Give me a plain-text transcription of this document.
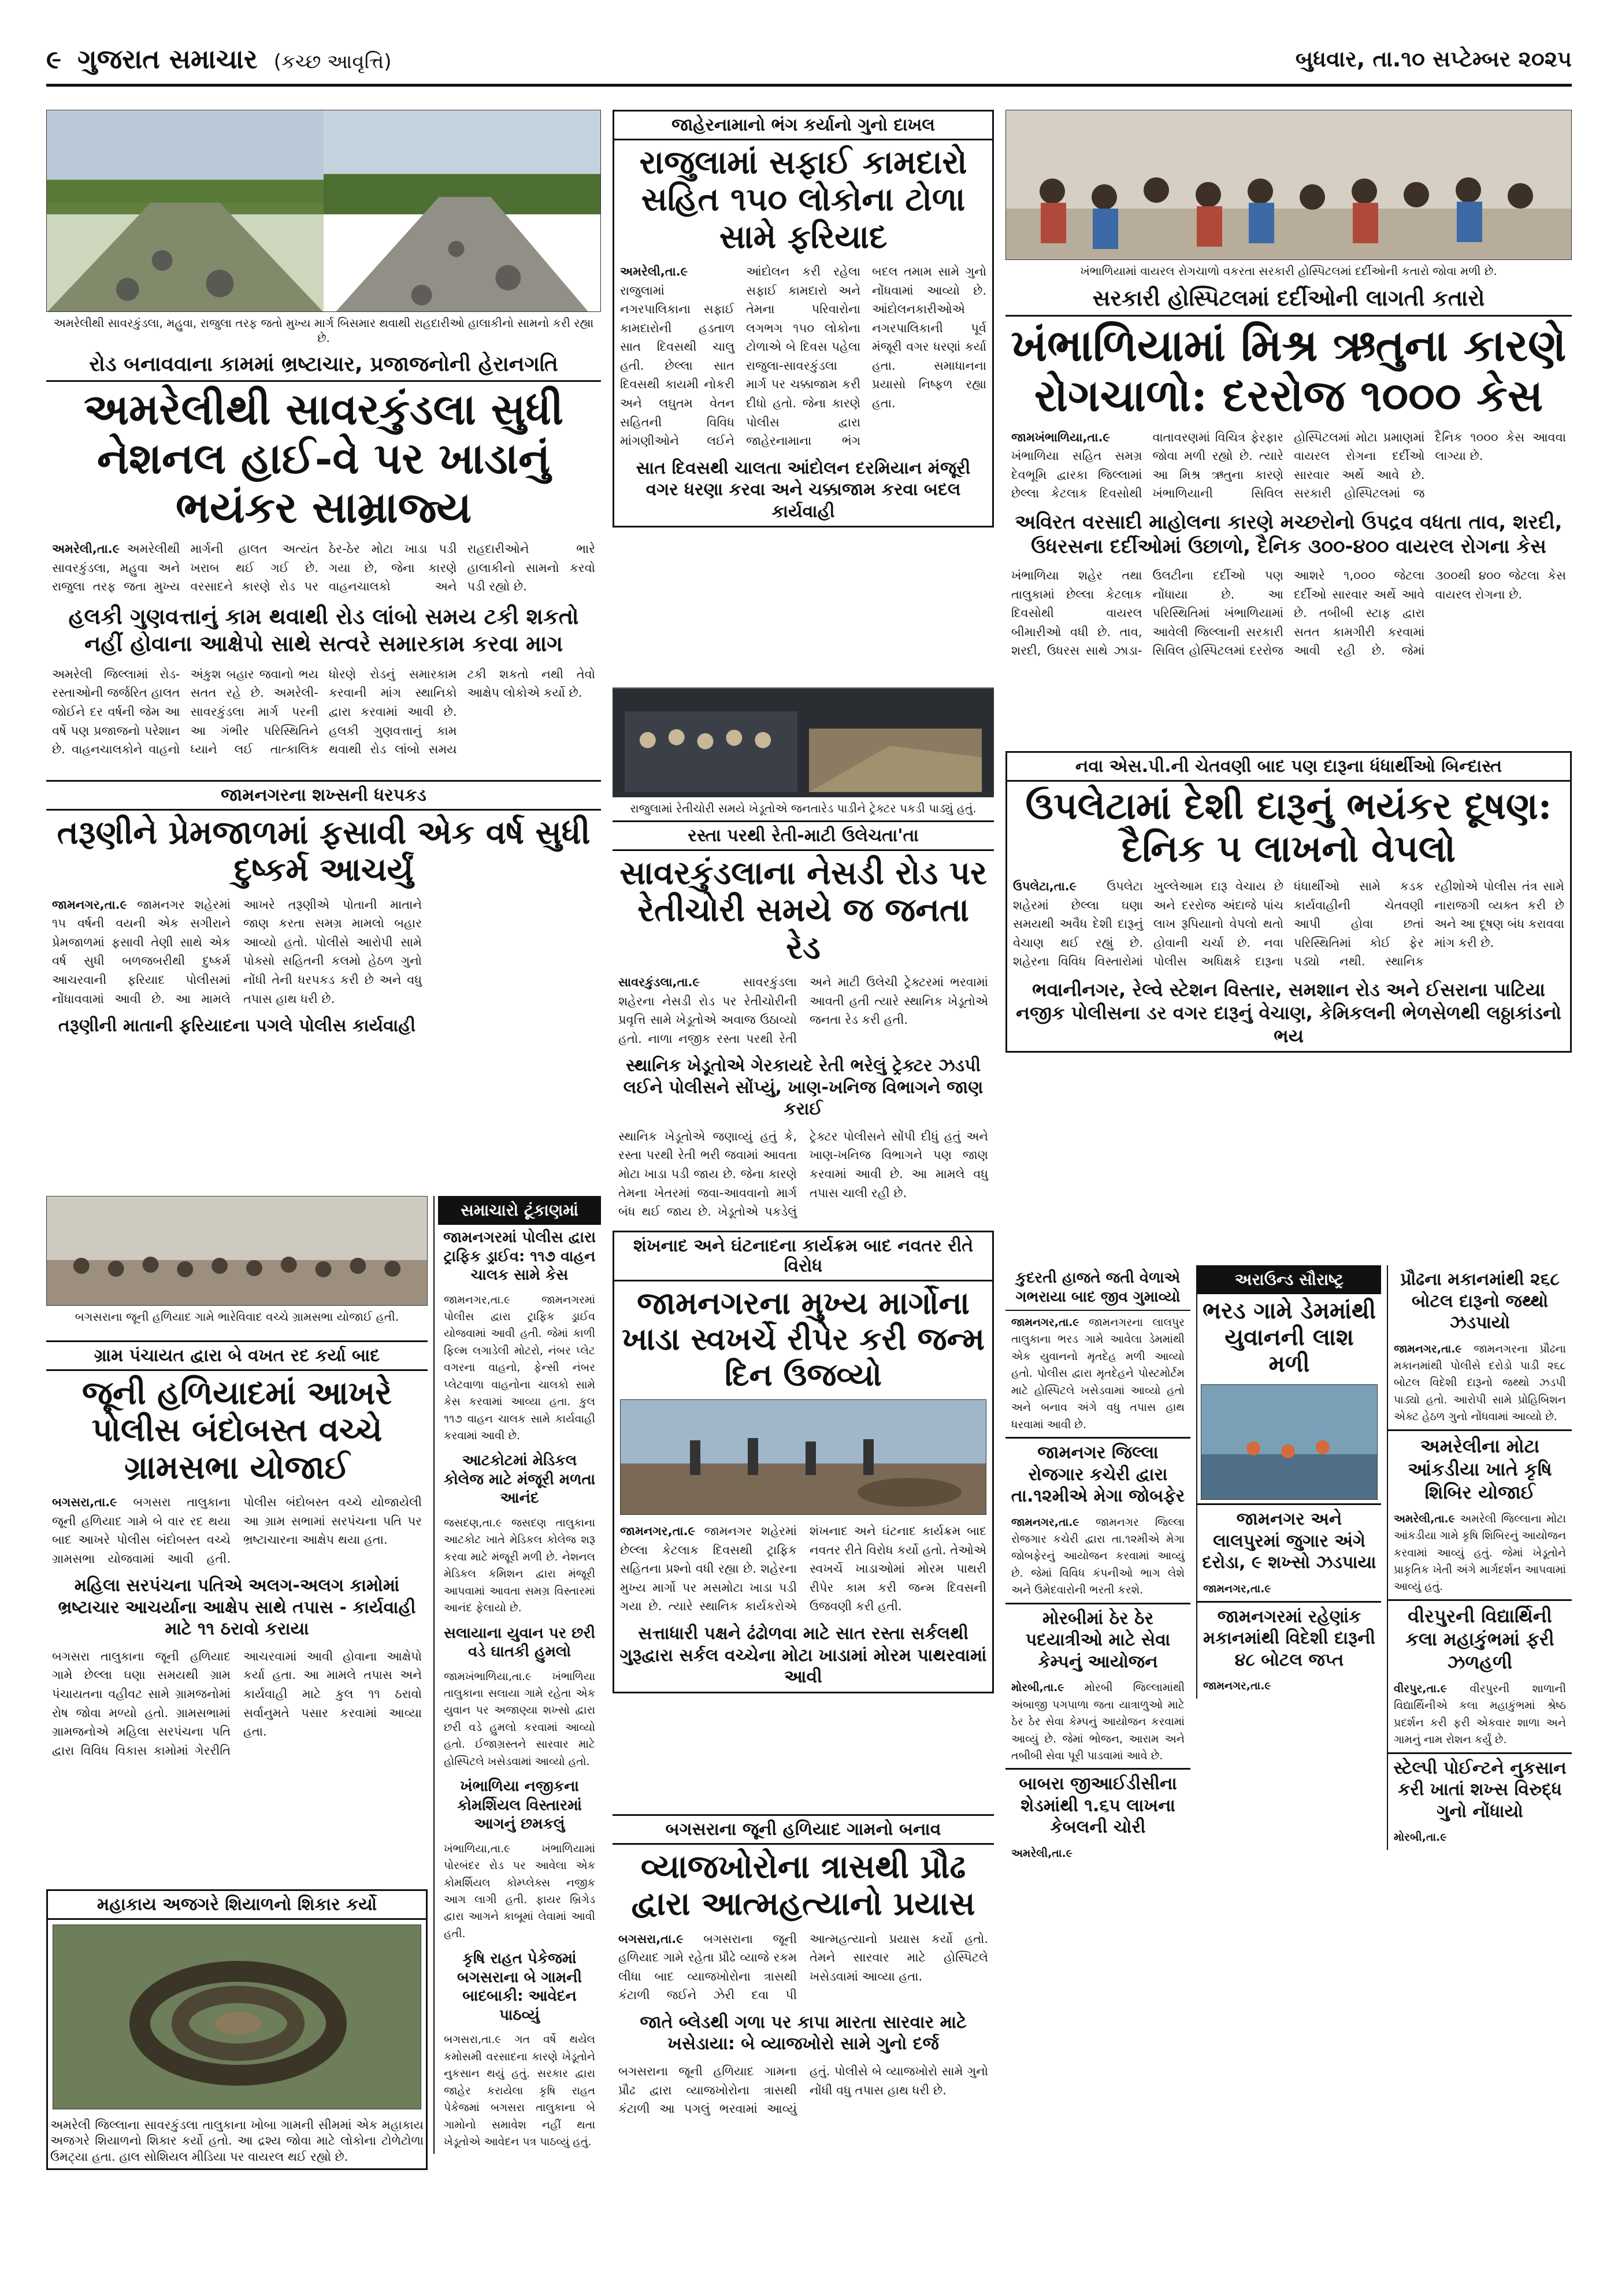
૯ ગુજરાત સમાચાર (કચ્છ આવૃત્તિ)	બુધવાર, તા.૧૦ સપ્ટેમ્બર ૨૦૨૫
અમરેલીથી સાવરકુંડલા, મહુવા, રાજુલા તરફ જતો મુખ્ય માર્ગ બિસમાર થવાથી રાહદારીઓ હાલાકીનો સામનો કરી રહ્યા છે.
રોડ બનાવવાના કામમાં ભ્રષ્ટાચાર, પ્રજાજનોની હેરાનગતિ
અમરેલીથી સાવરકુંડલા સુધી નેશનલ હાઈ-વે પર ખાડાનું ભયંકર સામ્રાજ્ય
અમરેલી,તા.૯ અમરેલીથી સાવરકુંડલા, મહુવા અને રાજુલા તરફ જતા મુખ્ય માર્ગની હાલત અત્યંત ખરાબ થઈ ગઈ છે. વરસાદને કારણે રોડ પર ઠેર-ઠેર મોટા ખાડા પડી ગયા છે, જેના કારણે વાહનચાલકો અને રાહદારીઓને ભારે હાલાકીનો સામનો કરવો પડી રહ્યો છે.
હલકી ગુણવત્તાનું કામ થવાથી રોડ લાંબો સમય ટકી શકતો નહીં હોવાના આક્ષેપો સાથે સત્વરે સમારકામ કરવા માગ
અમરેલી જિલ્લામાં રોડ-રસ્તાઓની જર્જરિત હાલત જોઈને દર વર્ષની જેમ આ વર્ષે પણ પ્રજાજનો પરેશાન છે. વાહનચાલકોને વાહનો અંકુશ બહાર જવાનો ભય સતત રહે છે. અમરેલી-સાવરકુંડલા માર્ગ પરની આ ગંભીર પરિસ્થિતિને ધ્યાને લઈ તાત્કાલિક ધોરણે રોડનું સમારકામ કરવાની માંગ સ્થાનિકો દ્વારા કરવામાં આવી છે. હલકી ગુણવત્તાનું કામ થવાથી રોડ લાંબો સમય ટકી શકતો નથી તેવો આક્ષેપ લોકોએ કર્યો છે.
જામનગરના શખ્સની ધરપકડ
તરૂણીને પ્રેમજાળમાં ફસાવી એક વર્ષ સુધી દુષ્કર્મ આચર્યું
જામનગર,તા.૯ જામનગર શહેરમાં ૧૫ વર્ષની વયની એક સગીરાને પ્રેમજાળમાં ફસાવી તેણી સાથે એક વર્ષ સુધી બળજબરીથી દુષ્કર્મ આચરવાની ફરિયાદ પોલીસમાં નોંધાવવામાં આવી છે. આ મામલે આખરે તરૂણીએ પોતાની માતાને જાણ કરતા સમગ્ર મામલો બહાર આવ્યો હતો. પોલીસે આરોપી સામે પોક્સો સહિતની કલમો હેઠળ ગુનો નોંધી તેની ધરપકડ કરી છે અને વધુ તપાસ હાથ ધરી છે.
તરૂણીની માતાની ફરિયાદના પગલે પોલીસ કાર્યવાહી
બગસરાના જૂની હળિયાદ ગામે ભારેવિવાદ વચ્ચે ગ્રામસભા યોજાઈ હતી.
ગ્રામ પંચાયત દ્વારા બે વખત રદ કર્યા બાદ
જૂની હળિયાદમાં આખરે પોલીસ બંદોબસ્ત વચ્ચે ગ્રામસભા યોજાઈ
બગસરા,તા.૯ બગસરા તાલુકાના જૂની હળિયાદ ગામે બે વાર રદ થયા બાદ આખરે પોલીસ બંદોબસ્ત વચ્ચે ગ્રામસભા યોજવામાં આવી હતી. પોલીસ બંદોબસ્ત વચ્ચે યોજાયેલી આ ગ્રામ સભામાં સરપંચના પતિ પર ભ્રષ્ટાચારના આક્ષેપ થયા હતા.
મહિલા સરપંચના પતિએ અલગ-અલગ કામોમાં ભ્રષ્ટાચાર આચર્યાના આક્ષેપ સાથે તપાસ - કાર્યવાહી માટે ૧૧ ઠરાવો કરાયા
બગસરા તાલુકાના જૂની હળિયાદ ગામે છેલ્લા ઘણા સમયથી ગ્રામ પંચાયતના વહીવટ સામે ગ્રામજનોમાં રોષ જોવા મળ્યો હતો. ગ્રામસભામાં ગ્રામજનોએ મહિલા સરપંચના પતિ દ્વારા વિવિધ વિકાસ કામોમાં ગેરરીતિ આચરવામાં આવી હોવાના આક્ષેપો કર્યા હતા. આ મામલે તપાસ અને કાર્યવાહી માટે કુલ ૧૧ ઠરાવો સર્વાનુમતે પસાર કરવામાં આવ્યા હતા.
મહાકાય અજગરે શિયાળનો શિકાર કર્યો
અમરેલી જિલ્લાના સાવરકુંડલા તાલુકાના ખોબા ગામની સીમમાં એક મહાકાય અજગરે શિયાળનો શિકાર કર્યો હતો. આ દ્રશ્ય જોવા માટે લોકોના ટોળેટોળા ઉમટ્યા હતા. હાલ સોશિયલ મીડિયા પર વાયરલ થઈ રહ્યો છે.
સમાચારો ટૂંકાણમાં
જામનગરમાં પોલીસ દ્વારા ટ્રાફિક ડ્રાઈવ: ૧૧૭ વાહન ચાલક સામે કેસ
જામનગર,તા.૯ જામનગરમાં પોલીસ દ્વારા ટ્રાફિક ડ્રાઈવ યોજવામાં આવી હતી. જેમાં કાળી ફિલ્મ લગાડેલી મોટરો, નંબર પ્લેટ વગરના વાહનો, ફેન્સી નંબર પ્લેટવાળા વાહનોના ચાલકો સામે કેસ કરવામાં આવ્યા હતા. કુલ ૧૧૭ વાહન ચાલક સામે કાર્યવાહી કરવામાં આવી છે.
આટકોટમાં મેડિકલ કોલેજ માટે મંજૂરી મળતા આનંદ
જસદણ,તા.૯ જસદણ તાલુકાના આટકોટ ખાતે મેડિકલ કોલેજ શરૂ કરવા માટે મંજૂરી મળી છે. નેશનલ મેડિકલ કમિશન દ્વારા મંજૂરી આપવામાં આવતા સમગ્ર વિસ્તારમાં આનંદ ફેલાયો છે.
સલાયાના યુવાન પર છરી વડે ઘાતકી હુમલો
જામખંભાળિયા,તા.૯ ખંભાળિયા તાલુકાના સલાયા ગામે રહેતા એક યુવાન પર અજાણ્યા શખ્સો દ્વારા છરી વડે હુમલો કરવામાં આવ્યો હતો. ઈજાગ્રસ્તને સારવાર માટે હોસ્પિટલે ખસેડવામાં આવ્યો હતો.
ખંભાળિયા નજીકના કોમર્શિયલ વિસ્તારમાં આગનું છમકલું
ખંભાળિયા,તા.૯ ખંભાળિયામાં પોરબંદર રોડ પર આવેલા એક કોમર્શિયલ કોમ્પ્લેક્સ નજીક આગ લાગી હતી. ફાયર બ્રિગેડ દ્વારા આગને કાબૂમાં લેવામાં આવી હતી.
કૃષિ રાહત પેકેજમાં બગસરાના બે ગામની બાદબાકી: આવેદન પાઠવ્યું
બગસરા,તા.૯ ગત વર્ષે થયેલ કમોસમી વરસાદના કારણે ખેડૂતોને નુકસાન થયું હતું. સરકાર દ્વારા જાહેર કરાયેલા કૃષિ રાહત પેકેજમાં બગસરા તાલુકાના બે ગામોનો સમાવેશ નહીં થતા ખેડૂતોએ આવેદન પત્ર પાઠવ્યું હતું.
જાહેરનામાનો ભંગ કર્યાનો ગુનો દાખલ
રાજુલામાં સફાઈ કામદારો સહિત ૧૫૦ લોકોના ટોળા સામે ફરિયાદ
અમરેલી,તા.૯ રાજુલામાં નગરપાલિકાના સફાઈ કામદારોની હડતાળ સાત દિવસથી ચાલુ હતી. છેલ્લા સાત દિવસથી કાયમી નોકરી અને લઘુતમ વેતન સહિતની વિવિધ માંગણીઓને લઈને આંદોલન કરી રહેલા સફાઈ કામદારો અને તેમના પરિવારોના લગભગ ૧૫૦ લોકોના ટોળાએ બે દિવસ પહેલા રાજુલા-સાવરકુંડલા માર્ગ પર ચક્કાજામ કરી દીધો હતો. જેના કારણે પોલીસ દ્વારા જાહેરનામાના ભંગ બદલ તમામ સામે ગુનો નોંધવામાં આવ્યો છે. આંદોલનકારીઓએ નગરપાલિકાની પૂર્વ મંજૂરી વગર ધરણાં કર્યા હતા. સમાધાનના પ્રયાસો નિષ્ફળ રહ્યા હતા.
સાત દિવસથી ચાલતા આંદોલન દરમિયાન મંજૂરી વગર ધરણા કરવા અને ચક્કાજામ કરવા બદલ કાર્યવાહી
રાજુલામાં રેતીચોરી સમયે ખેડૂતોએ જનતારેડ પાડીને ટ્રેક્ટર પકડી પાડ્યું હતું.
રસ્તા પરથી રેતી-માટી ઉલેચતા'તા
સાવરકુંડલાના નેસડી રોડ પર રેતીચોરી સમયે જ જનતા રેડ
સાવરકુંડલા,તા.૯	સાવરકુંડલા શહેરના નેસડી રોડ પર રેતીચોરીની પ્રવૃત્તિ સામે ખેડૂતોએ અવાજ ઉઠાવ્યો હતો. નાળા નજીક રસ્તા પરથી રેતી અને માટી ઉલેચી ટ્રેક્ટરમાં ભરવામાં આવતી હતી ત્યારે સ્થાનિક ખેડૂતોએ જનતા રેડ કરી હતી.
સ્થાનિક ખેડૂતોએ ગેરકાયદે રેતી ભરેલું ટ્રેક્ટર ઝડપી લઈને પોલીસને સોંપ્યું, ખાણ-ખનિજ વિભાગને જાણ કરાઈ
સ્થાનિક ખેડૂતોએ જણાવ્યું હતું કે, રસ્તા પરથી રેતી ભરી જવામાં આવતા મોટા ખાડા પડી જાય છે. જેના કારણે તેમના ખેતરમાં જવા-આવવાનો માર્ગ બંધ થઈ જાય છે. ખેડૂતોએ પકડેલું ટ્રેક્ટર પોલીસને સોંપી દીધું હતું અને ખાણ-ખનિજ વિભાગને પણ જાણ કરવામાં આવી છે. આ મામલે વધુ તપાસ ચાલી રહી છે.
શંખનાદ અને ઘંટનાદના કાર્યક્રમ બાદ નવતર રીતે વિરોધ
જામનગરના મુખ્ય માર્ગોના ખાડા સ્વખર્ચે રીપેર કરી જન્મ દિન ઉજવ્યો
જામનગર,તા.૯ જામનગર શહેરમાં છેલ્લા કેટલાક દિવસથી ટ્રાફિક સહિતના પ્રશ્નો વધી રહ્યા છે. શહેરના મુખ્ય માર્ગો પર મસમોટા ખાડા પડી ગયા છે. ત્યારે સ્થાનિક કાર્યકરોએ શંખનાદ અને ઘંટનાદ કાર્યક્રમ બાદ નવતર રીતે વિરોધ કર્યો હતો. તેઓએ સ્વખર્ચે ખાડાઓમાં મોરમ પાથરી રીપેર કામ કરી જન્મ દિવસની ઉજવણી કરી હતી.
સત્તાધારી પક્ષને ઢંઢોળવા માટે સાત રસ્તા સર્કલથી ગુરૂદ્વારા સર્કલ વચ્ચેના મોટા ખાડામાં મોરમ પાથરવામાં આવી
બગસરાના જૂની હળિયાદ ગામનો બનાવ
વ્યાજખોરોના ત્રાસથી પ્રૌઢ દ્વારા આત્મહત્યાનો પ્રયાસ
બગસરા,તા.૯ બગસરાના જૂની હળિયાદ ગામે રહેતા પ્રૌઢે વ્યાજે રકમ લીધા બાદ વ્યાજખોરોના ત્રાસથી કંટાળી જઈને ઝેરી દવા પી આત્મહત્યાનો પ્રયાસ કર્યો હતો. તેમને સારવાર માટે હોસ્પિટલે ખસેડવામાં આવ્યા હતા.
જાતે બ્લેડથી ગળા પર કાપા મારતા સારવાર માટે ખસેડાયા: બે વ્યાજખોરો સામે ગુનો દર્જ
બગસરાના જૂની હળિયાદ ગામના પ્રૌઢ દ્વારા વ્યાજખોરોના ત્રાસથી કંટાળી આ પગલું ભરવામાં આવ્યું હતું. પોલીસે બે વ્યાજખોરો સામે ગુનો નોંધી વધુ તપાસ હાથ ધરી છે.
ખંભાળિયામાં વાયરલ રોગચાળો વકરતા સરકારી હોસ્પિટલમાં દર્દીઓની કતારો જોવા મળી છે.
સરકારી હોસ્પિટલમાં દર્દીઓની લાગતી કતારો
ખંભાળિયામાં મિશ્ર ઋતુના કારણે રોગચાળો: દરરોજ ૧૦૦૦ કેસ
જામખંભાળિયા,તા.૯ ખંભાળિયા સહિત સમગ્ર દેવભૂમિ દ્વારકા જિલ્લામાં છેલ્લા કેટલાક દિવસોથી વાતાવરણમાં વિચિત્ર ફેરફાર જોવા મળી રહ્યો છે. ત્યારે આ મિશ્ર ઋતુના કારણે ખંભાળિયાની સિવિલ હોસ્પિટલમાં મોટા પ્રમાણમાં વાયરલ રોગના દર્દીઓ સારવાર અર્થે આવે છે. સરકારી હોસ્પિટલમાં જ દૈનિક ૧૦૦૦ કેસ આવવા લાગ્યા છે.
અવિરત વરસાદી માહોલના કારણે મચ્છરોનો ઉપદ્રવ વધતા તાવ, શરદી, ઉધરસના દર્દીઓમાં ઉછાળો, દૈનિક ૩૦૦-૪૦૦ વાયરલ રોગના કેસ
ખંભાળિયા શહેર તથા તાલુકામાં છેલ્લા કેટલાક દિવસોથી વાયરલ બીમારીઓ વધી છે. તાવ, શરદી, ઉધરસ સાથે ઝાડા-ઉલટીના દર્દીઓ પણ નોંધાયા છે. આ પરિસ્થિતિમાં ખંભાળિયામાં આવેલી જિલ્લાની સરકારી સિવિલ હોસ્પિટલમાં દરરોજ આશરે ૧,૦૦૦ જેટલા દર્દીઓ સારવાર અર્થે આવે છે. તબીબી સ્ટાફ દ્વારા સતત કામગીરી કરવામાં આવી રહી છે. જેમાં ૩૦૦થી ૪૦૦ જેટલા કેસ વાયરલ રોગના છે.
નવા એસ.પી.ની ચેતવણી બાદ પણ દારૂના ધંધાર્થીઓ બિન્દાસ્ત
ઉપલેટામાં દેશી દારૂનું ભયંકર દૂષણ: દૈનિક ૫ લાખનો વેપલો
ઉપલેટા,તા.૯ ઉપલેટા શહેરમાં છેલ્લા ઘણા સમયથી અવૈધ દેશી દારૂનું વેચાણ થઈ રહ્યું છે. શહેરના વિવિધ વિસ્તારોમાં ખુલ્લેઆમ દારૂ વેચાય છે અને દરરોજ અંદાજે પાંચ લાખ રૂપિયાનો વેપલો થતો હોવાની ચર્ચા છે. નવા પોલીસ અધિક્ષકે દારૂના ધંધાર્થીઓ સામે કડક કાર્યવાહીની ચેતવણી આપી હોવા છતાં પરિસ્થિતિમાં કોઈ ફેર પડ્યો નથી. સ્થાનિક રહીશોએ પોલીસ તંત્ર સામે નારાજગી વ્યક્ત કરી છે અને આ દૂષણ બંધ કરાવવા માંગ કરી છે.
ભવાનીનગર, રેલ્વે સ્ટેશન વિસ્તાર, સમશાન રોડ અને ઈસરાના પાટિયા નજીક પોલીસના ડર વગર દારૂનું વેચાણ, કેમિકલની ભેળસેળથી લઠ્ઠાકાંડનો ભય
કુદરતી હાજતે જતી વેળાએ ગભરાયા બાદ જીવ ગુમાવ્યો
જામનગર,તા.૯ જામનગરના લાલપુર તાલુકાના ભરડ ગામે આવેલા ડેમમાંથી એક યુવાનનો મૃતદેહ મળી આવ્યો હતો. પોલીસ દ્વારા મૃતદેહને પોસ્ટમોર્ટમ માટે હોસ્પિટલે ખસેડવામાં આવ્યો હતો અને બનાવ અંગે વધુ તપાસ હાથ ધરવામાં આવી છે.
જામનગર જિલ્લા રોજગાર કચેરી દ્વારા તા.૧૨મીએ મેગા જોબફેર
જામનગર,તા.૯ જામનગર જિલ્લા રોજગાર કચેરી દ્વારા તા.૧૨મીએ મેગા જોબફેરનું આયોજન કરવામાં આવ્યું છે. જેમાં વિવિધ કંપનીઓ ભાગ લેશે અને ઉમેદવારોની ભરતી કરશે.
મોરબીમાં ઠેર ઠેર પદયાત્રીઓ માટે સેવા કેમ્પનું આયોજન
મોરબી,તા.૯ મોરબી જિલ્લામાંથી અંબાજી પગપાળા જતા યાત્રાળુઓ માટે ઠેર ઠેર સેવા કેમ્પનું આયોજન કરવામાં આવ્યું છે. જેમાં ભોજન, આરામ અને તબીબી સેવા પૂરી પાડવામાં આવે છે.
બાબરા જીઆઈડીસીના શેડમાંથી ૧.૬૫ લાખના કેબલની ચોરી
અમરેલી,તા.૯
અરાઉન્ડ સૌરાષ્ટ્ર
ભરડ ગામે ડેમમાંથી યુવાનની લાશ મળી
જામનગર અને લાલપુરમાં જુગાર અંગે દરોડા, ૯ શખ્સો ઝડપાયા
જામનગર,તા.૯
જામનગરમાં રહેણાંક મકાનમાંથી વિદેશી દારૂની ૪૮ બોટલ જપ્ત
જામનગર,તા.૯
પ્રૌઢના મકાનમાંથી ૨૬૮ બોટલ દારૂનો જથ્થો ઝડપાયો
જામનગર,તા.૯ જામનગરના પ્રૌઢના મકાનમાંથી પોલીસે દરોડો પાડી ૨૬૮ બોટલ વિદેશી દારૂનો જથ્થો ઝડપી પાડ્યો હતો. આરોપી સામે પ્રોહિબિશન એક્ટ હેઠળ ગુનો નોંધવામાં આવ્યો છે.
અમરેલીના મોટા આંકડીયા ખાતે કૃષિ શિબિર યોજાઈ
અમરેલી,તા.૯ અમરેલી જિલ્લાના મોટા આંકડીયા ગામે કૃષિ શિબિરનું આયોજન કરવામાં આવ્યું હતું. જેમાં ખેડૂતોને પ્રાકૃતિક ખેતી અંગે માર્ગદર્શન આપવામાં આવ્યું હતું.
વીરપુરની વિદ્યાર્થિની કલા મહાકુંભમાં ફરી ઝળહળી
વીરપુર,તા.૯ વીરપુરની શાળાની વિદ્યાર્થિનીએ કલા મહાકુંભમાં શ્રેષ્ઠ પ્રદર્શન કરી ફરી એકવાર શાળા અને ગામનું નામ રોશન કર્યું છે.
સ્ટેલ્પી પોઈન્ટને નુકસાન કરી ખાતાં શખ્સ વિરુદ્ધ ગુનો નોંધાયો
મોરબી,તા.૯
